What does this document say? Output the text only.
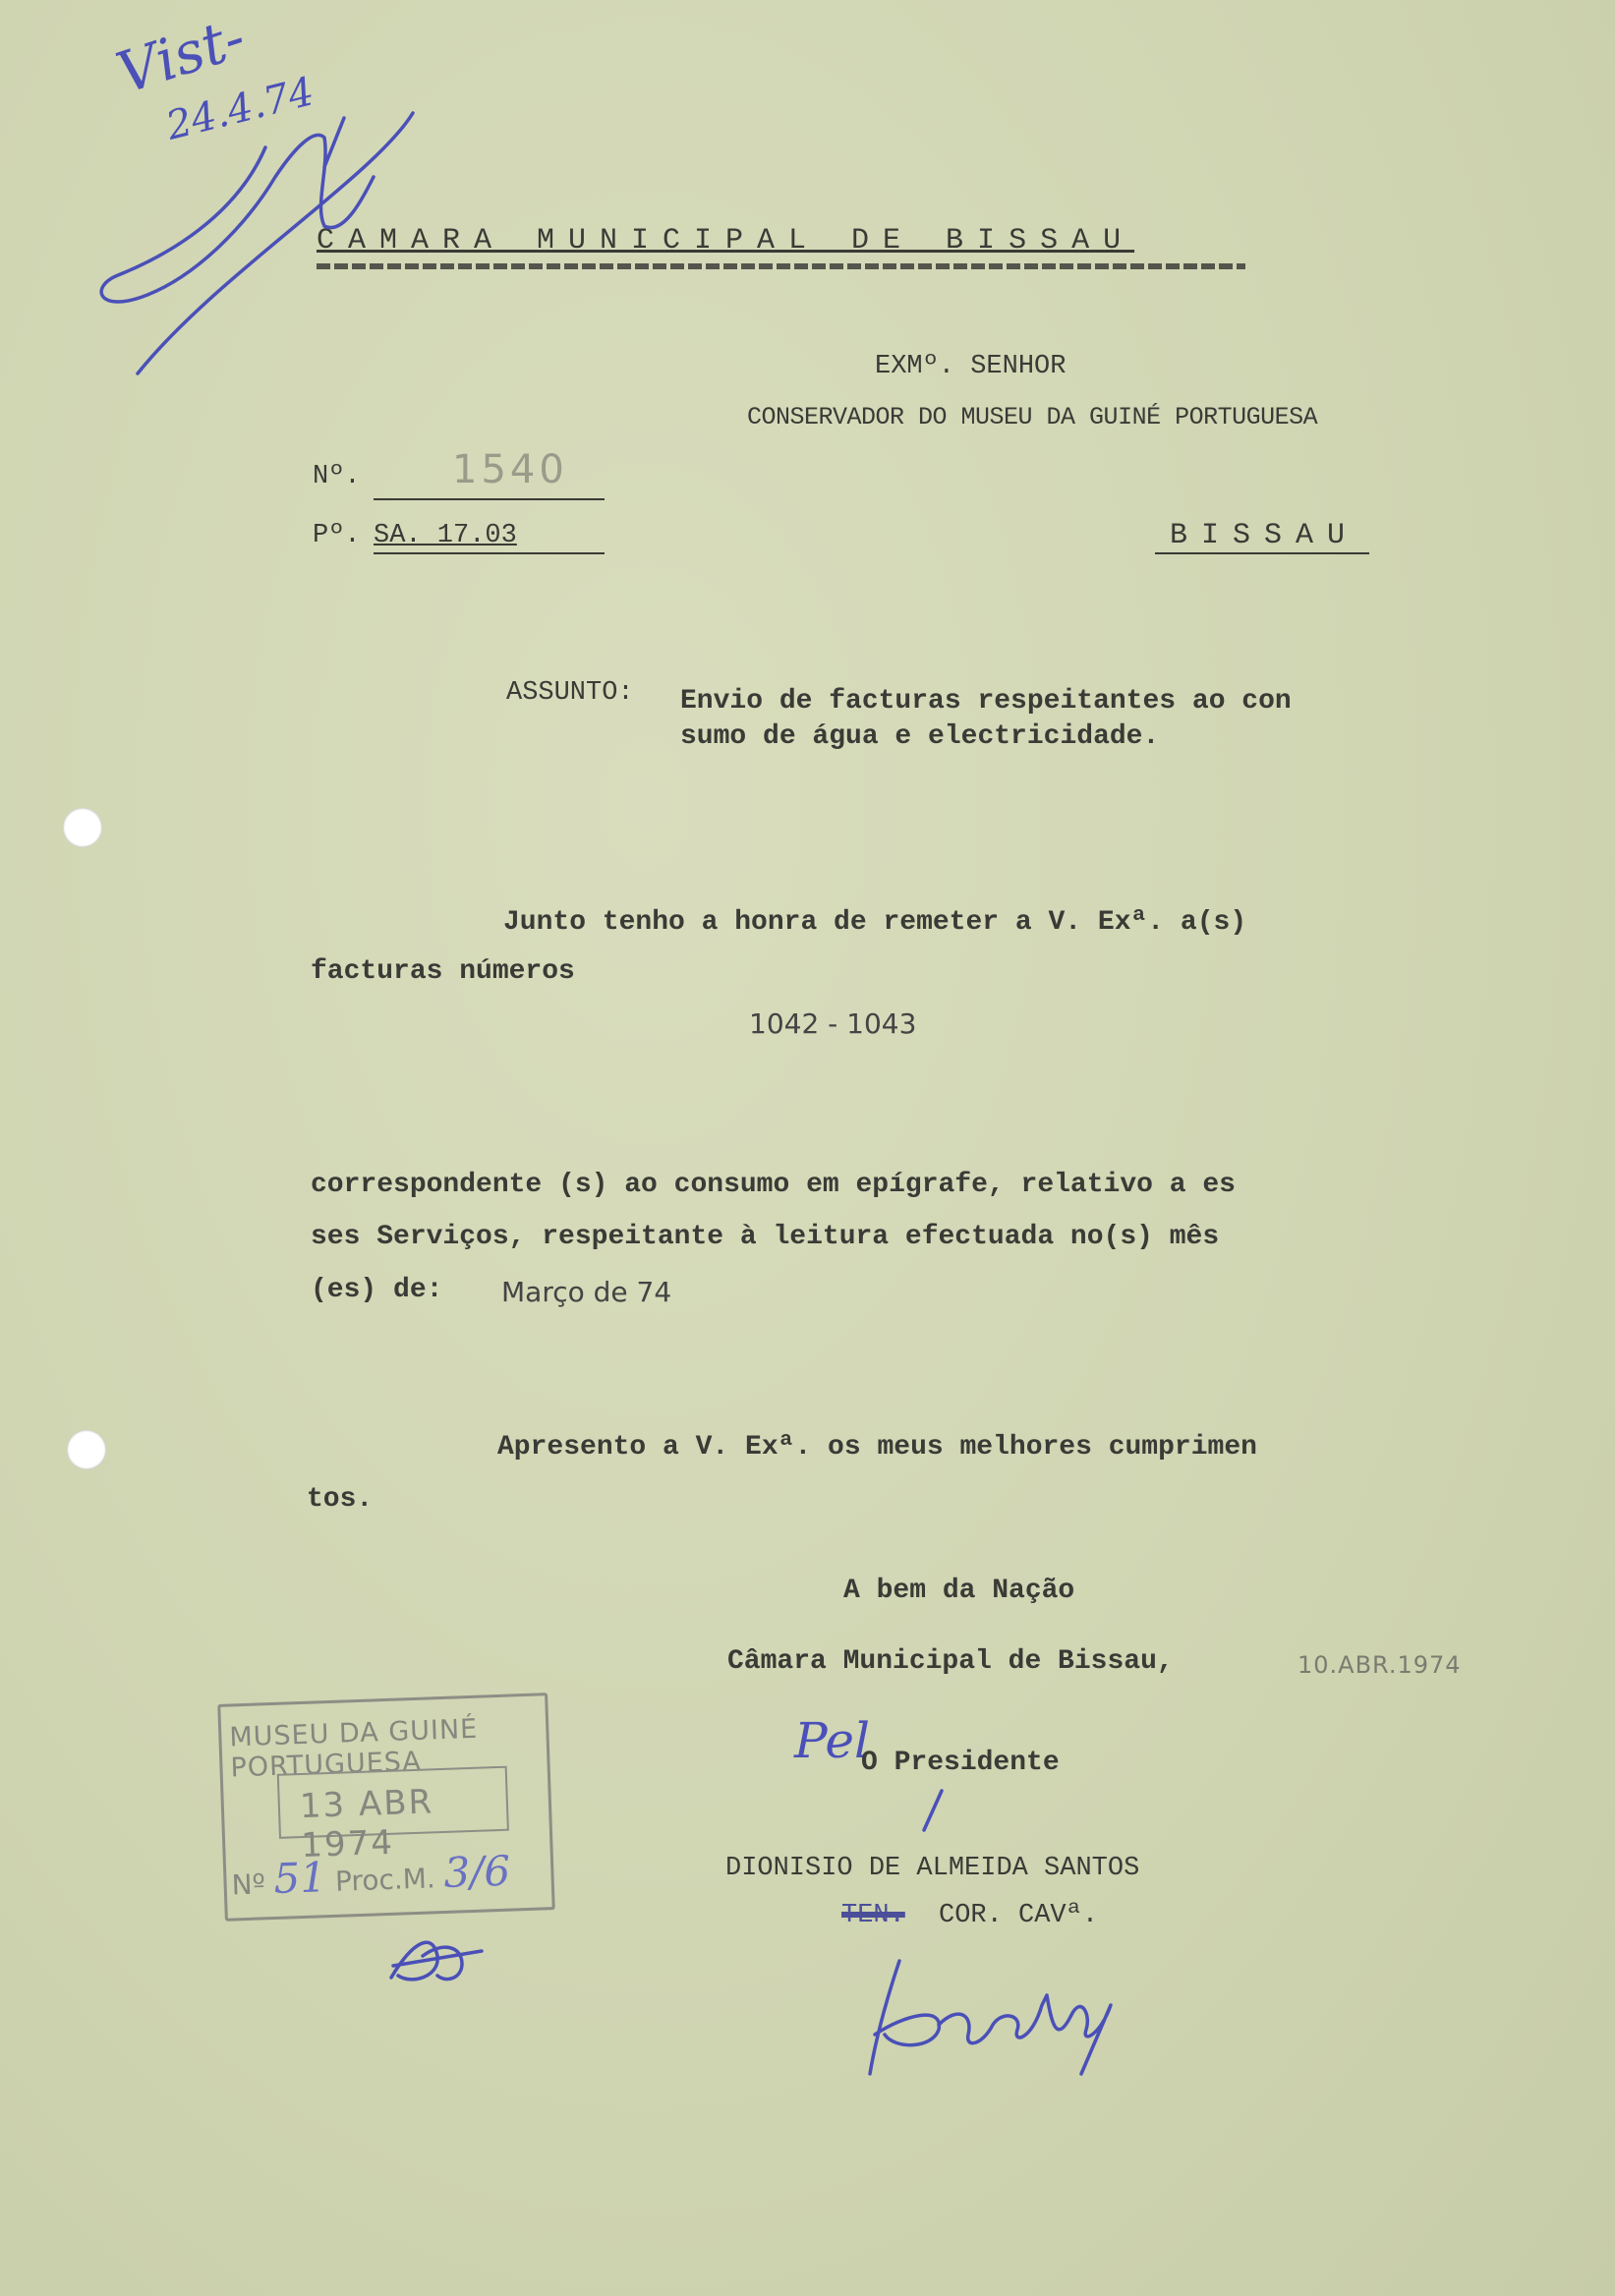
Vist-
24.4.74
CAMARA MUNICIPAL DE BISSAU
EXMº. SENHOR
CONSERVADOR DO MUSEU DA GUINÉ PORTUGUESA
Nº. 1540
Pº. SA. 17.03	BISSAU
ASSUNTO: Envio de facturas respeitantes ao con
sumo de água e electricidade.
Junto tenho a honra de remeter a V. Exª. a(s)
facturas números
1042 - 1043
correspondente (s) ao consumo em epígrafe, relativo a es
ses Serviços, respeitante à leitura efectuada no(s) mês
(es) de: Março de 74
Apresento a V. Exª. os meus melhores cumprimen
tos.
A bem da Nação
Câmara Municipal de Bissau,	10.ABR.1974
Pel
O Presidente
DIONISIO DE ALMEIDA SANTOS
TEN. COR. CAVª.
MUSEU DA GUINÉ PORTUGUESA
13 ABR 1974
Nº 51 Proc.M. 3/6
